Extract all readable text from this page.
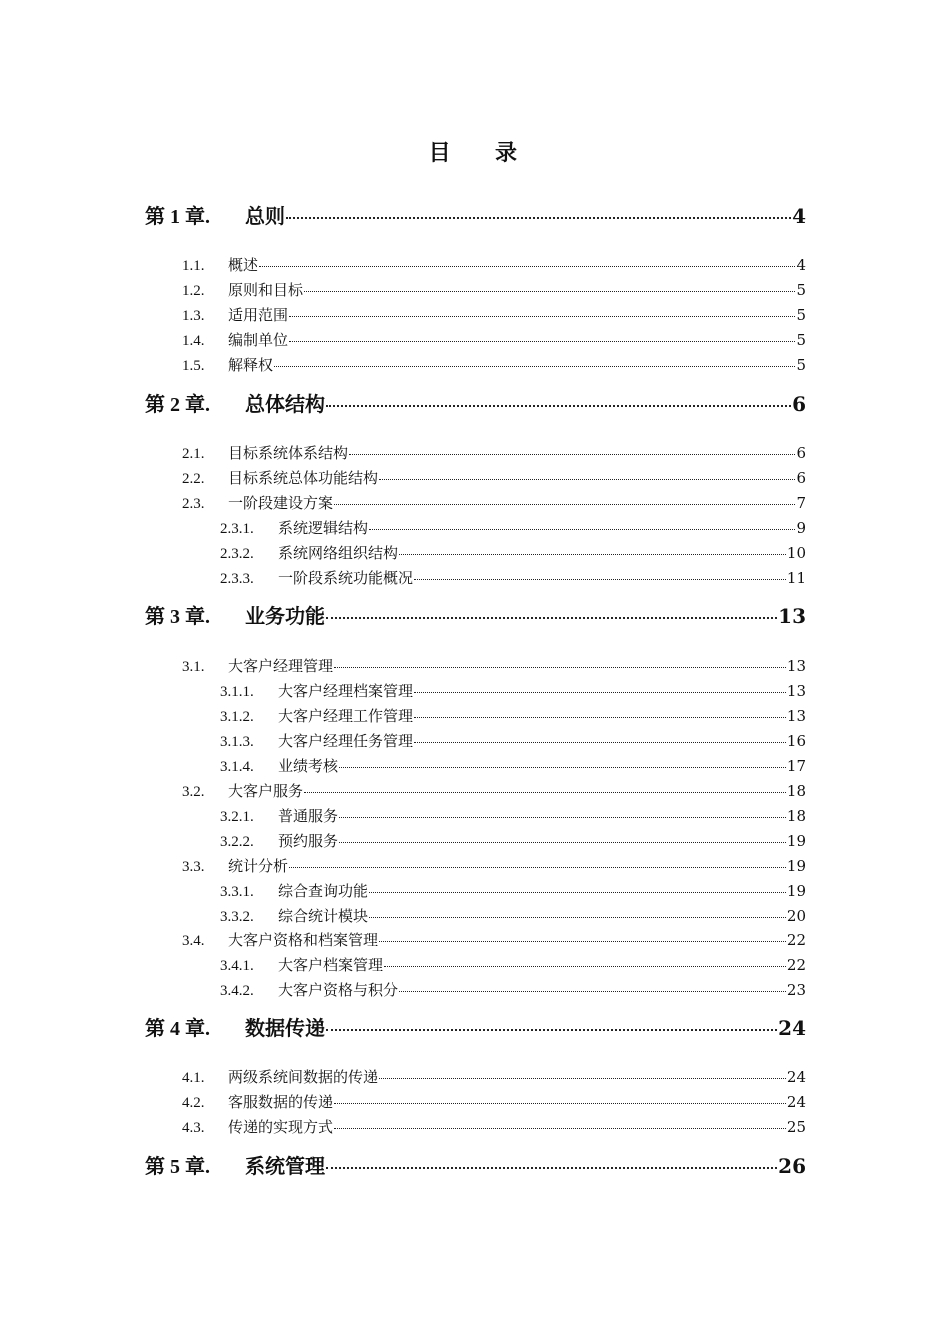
目 录
第 1 章.	总则	4
1.1.	概述	4
1.2.	原则和目标	5
1.3.	适用范围	5
1.4.	编制单位	5
1.5.	解释权	5
第 2 章.	总体结构	6
2.1.	目标系统体系结构	6
2.2.	目标系统总体功能结构	6
2.3.	一阶段建设方案	7
2.3.1.	系统逻辑结构	9
2.3.2.	系统网络组织结构	10
2.3.3.	一阶段系统功能概况	11
第 3 章.	业务功能	13
3.1.	大客户经理管理	13
3.1.1.	大客户经理档案管理	13
3.1.2.	大客户经理工作管理	13
3.1.3.	大客户经理任务管理	16
3.1.4.	业绩考核	17
3.2.	大客户服务	18
3.2.1.	普通服务	18
3.2.2.	预约服务	19
3.3.	统计分析	19
3.3.1.	综合查询功能	19
3.3.2.	综合统计模块	20
3.4.	大客户资格和档案管理	22
3.4.1.	大客户档案管理	22
3.4.2.	大客户资格与积分	23
第 4 章.	数据传递	24
4.1.	两级系统间数据的传递	24
4.2.	客服数据的传递	24
4.3.	传递的实现方式	25
第 5 章.	系统管理	26
